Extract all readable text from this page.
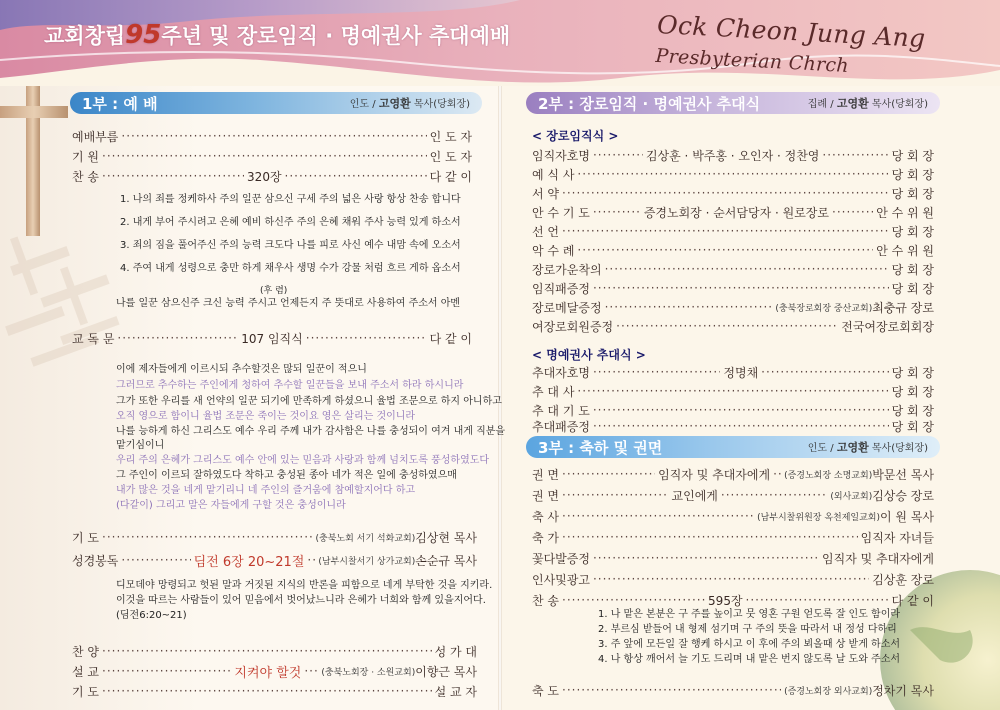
교회창립95주년 및 장로임직 · 명예권사 추대예배	Ock Cheon Jung Ang Presbyterian Chrch
1부 : 예 배	인도 / 고영환 목사(당회장)
예배부름 ·····	인 도 자
기 원 ·····	인 도 자
찬 송 ·····	320장 ·····	다 같 이
1. 나의 죄를 정케하사 주의 일꾼 삼으신 구세 주의 넓은 사랑 항상 찬송 합니다
2. 내게 부어 주시려고 은혜 예비 하신주 주의 은혜 채워 주사 능력 있게 하소서
3. 죄의 짐을 풀어주신 주의 능력 크도다 나를 피로 사신 예수 내맘 속에 오소서
4. 주여 내게 성령으로 충만 하게 채우사 생명 수가 강물 처럼 흐르 게하 옵소서
(후 렴)
나를 일꾼 삼으신주 크신 능력 주시고 언제든지 주 뜻대로 사용하여 주소서 아멘
교 독 문 ·····	107 임직식 ·····	다 같 이
이에 제자들에게 이르시되 추수할것은 많되 일꾼이 적으니
그러므로 추수하는 주인에게 청하여 추수할 일꾼들을 보내 주소서 하라 하시니라
그가 또한 우리를 새 언약의 일꾼 되기에 만족하게 하셨으니 율법 조문으로 하지 아니하고
오직 영으로 함이니 율법 조문은 죽이는 것이요 영은 살리는 것이니라
나를 능하게 하신 그리스도 예수 우리 주께 내가 감사함은 나를 충성되이 여겨 내게 직분을
맡기심이니
우리 주의 은혜가 그리스도 예수 안에 있는 믿음과 사랑과 함께 넘치도록 풍성하였도다
그 주인이 이르되 잘하였도다 착하고 충성된 종아 네가 적은 일에 충성하였으매
내가 많은 것을 네게 맡기리니 네 주인의 즐거움에 참예할지어다 하고
(다같이) 그리고 말은 자들에게 구할 것은 충성이니라
기 도 ·····	(충북노회 서기 석화교회) 김상현 목사
성경봉독 ·····	딤전 6장 20~21절 ····· (남부시찰서기 상가교회) 손순규 목사
디모데야 망령되고 헛된 말과 거짓된 지식의 반론을 피함으로 네게 부탁한 것을 지키라.
이것을 따르는 사람들이 있어 믿음에서 벗어났느니라 은혜가 너희와 함께 있을지어다.
(딤전6:20~21)
찬 양 ·····	성 가 대
설 교 ·····	지켜야 할것 ····· (충북노회장 · 소원교회) 이향근 목사
기 도 ·····	설 교 자
2부 : 장로임직 · 명예권사 추대식	집례 / 고영환 목사(당회장)
< 장로임직식 >
임직자호명 ·····	김상훈 · 박주홍 · 오인자 · 정찬영 ·····	당 회 장
예 식 사 ·····	당 회 장
서 약 ·····	당 회 장
안 수 기 도 ·····	증경노회장 · 순서담당자 · 원로장로 ·····	안 수 위 원
선 언 ·····	당 회 장
악 수 례 ·····	안 수 위 원
장로가운착의 ·····	당 회 장
임직패증정 ·····	당 회 장
장로메달증정 ·····	(충북장로회장 중산교회) 최충규 장로
여장로회원증정 ·····	전국여장로회회장
< 명예권사 추대식 >
추대자호명 ·····	정명채 ·····	당 회 장
추 대 사 ·····	당 회 장
추 대 기 도 ·····	당 회 장
추대패증정 ·····	당 회 장
3부 : 축하 및 권면	인도 / 고영환 목사(당회장)
권 면 ·····	임직자 및 추대자에게 ····· (증경노회장 소명교회) 박문선 목사
권 면 ·····	교인에게 ·····	(외사교회) 김상승 장로
축 사 ·····	(남부시찰위원장 옥천제일교회) 이 원 목사
축 가 ·····	임직자 자녀들
꽃다발증정 ·····	임직자 및 추대자에게
인사및광고 ·····	김상훈 장로
찬 송 ·····	595장 ·····	다 같 이
1. 나 맡은 본분은 구 주를 높이고 뭇 영혼 구원 얻도록 잘 인도 함이라
2. 부르심 받들어 내 형제 섬기며 구 주의 뜻을 따라서 내 정성 다하리
3. 주 앞에 모든일 잘 행케 하시고 이 후에 주의 뵈올때 상 받게 하소서
4. 나 항상 깨어서 늘 기도 드리며 내 맡은 번지 않도록 날 도와 주소서
축 도 ·····	(증경노회장 외사교회) 정차기 목사
